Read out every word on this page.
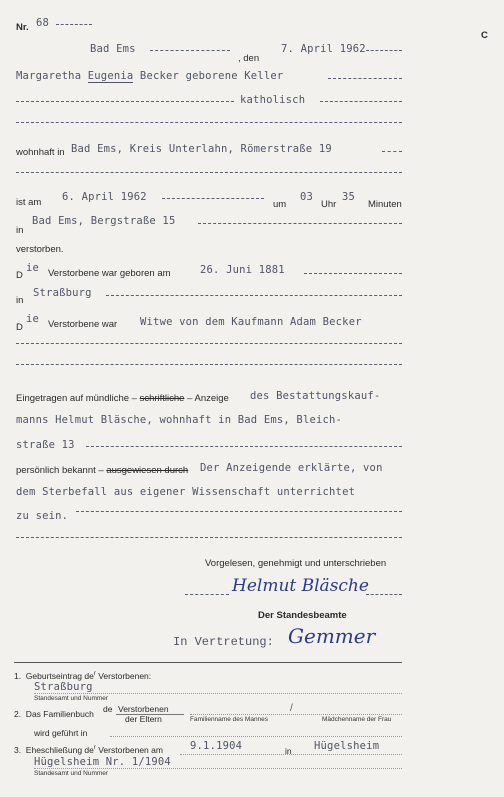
Nr. 68
C
Bad Ems
, den
7. April 1962
Margaretha Eugenia Becker geborene Keller
katholisch
wohnhaft in Bad Ems, Kreis Unterlahn, Römerstraße 19
ist am 6. April 1962
um
03
Uhr
35
Minuten
in
Bad Ems, Bergstraße 15
verstorben.
D
ie Verstorbene war geboren am	26. Juni 1881
in
Straßburg
D
ie Verstorbene war Witwe von dem Kaufmann Adam Becker
Eingetragen auf mündliche – schriftliche – Anzeige des Bestattungskauf-
manns Helmut Bläsche, wohnhaft in Bad Ems, Bleich-
straße 13
persönlich bekannt – ausgewiesen durch Der Anzeigende erklärte, von
dem Sterbefall aus eigener Wissenschaft unterrichtet
zu sein.
Vorgelesen, genehmigt und unterschrieben
Helmut Bläsche
Der Standesbeamte
In Vertretung: Gemmer
1.  Geburtseintrag $de^r$ Verstorbenen:
Straßburg
Standesamt und Nummer
2.  Das Familienbuch de Verstorbenen
der Eltern
/
Familienname des Mannes	Mädchenname der Frau
wird geführt in
3.  Eheschließung $de^r$ Verstorbenen am	9.1.1904	in Hügelsheim
Hügelsheim Nr. 1/1904
Standesamt und Nummer
